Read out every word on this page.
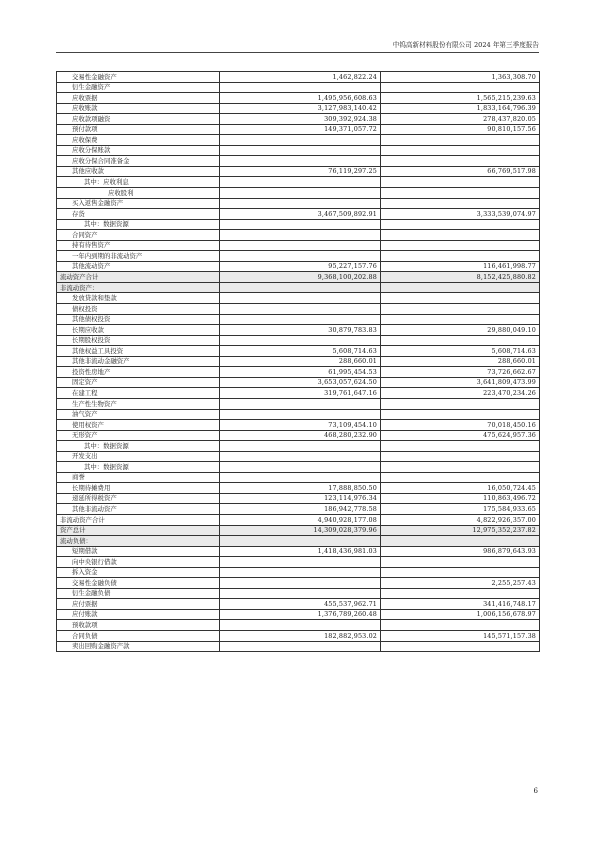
中钨高新材料股份有限公司 2024 年第三季度报告
交易性金融资产	1,462,822.24	1,363,308.70
衍生金融资产		
应收票据	1,495,956,608.63	1,565,215,239.63
应收账款	3,127,983,140.42	1,833,164,796.39
应收款项融资	309,392,924.38	278,437,820.05
预付款项	149,371,057.72	90,810,157.56
应收保费		
应收分保账款		
应收分保合同准备金		
其他应收款	76,119,297.25	66,769,517.98
其中：应收利息		
应收股利		
买入返售金融资产		
存货	3,467,509,892.91	3,333,539,074.97
其中：数据资源		
合同资产		
持有待售资产		
一年内到期的非流动资产		
其他流动资产	95,227,157.76	116,461,998.77
流动资产合计	9,368,100,202.88	8,152,425,880.82
非流动资产：		
发放贷款和垫款		
债权投资		
其他债权投资		
长期应收款	30,879,783.83	29,880,049.10
长期股权投资		
其他权益工具投资	5,608,714.63	5,608,714.63
其他非流动金融资产	288,660.01	288,660.01
投资性房地产	61,995,454.53	73,726,662.67
固定资产	3,653,057,624.50	3,641,809,473.99
在建工程	319,761,647.16	223,470,234.26
生产性生物资产		
油气资产		
使用权资产	73,109,454.10	70,018,450.16
无形资产	468,280,232.90	475,624,957.36
其中：数据资源		
开发支出		
其中：数据资源		
商誉		
长期待摊费用	17,888,850.50	16,050,724.45
递延所得税资产	123,114,976.34	110,863,496.72
其他非流动资产	186,942,778.58	175,584,933.65
非流动资产合计	4,940,928,177.08	4,822,926,357.00
资产总计	14,309,028,379.96	12,975,352,237.82
流动负债：		
短期借款	1,418,436,981.03	986,879,643.93
向中央银行借款		
拆入资金		
交易性金融负债		2,255,257.43
衍生金融负债		
应付票据	455,537,962.71	341,416,748.17
应付账款	1,376,789,260.48	1,006,156,678.97
预收款项		
合同负债	182,882,953.02	145,571,157.38
卖出回购金融资产款		
6
